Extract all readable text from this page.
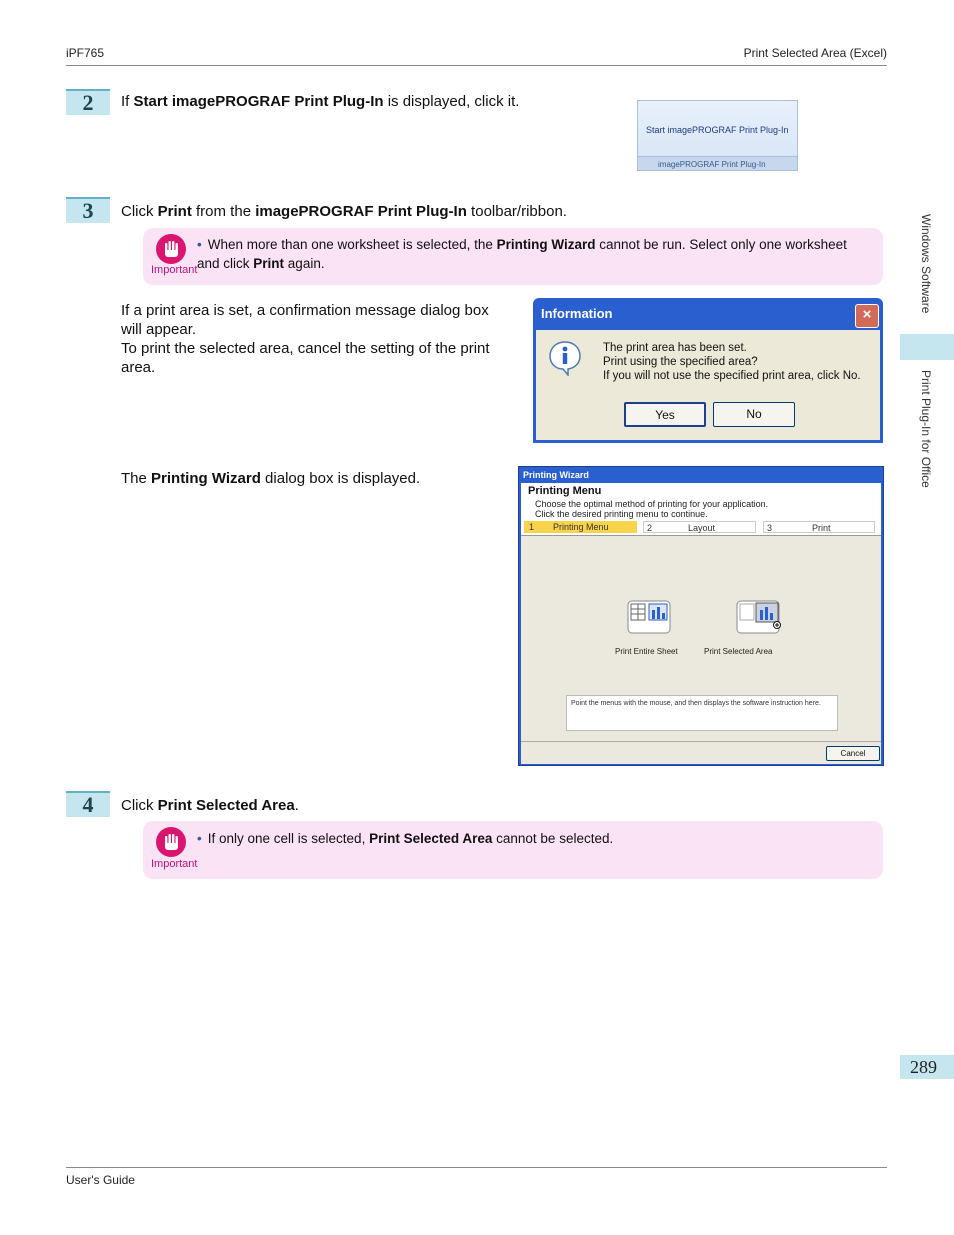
iPF765	Print Selected Area (Excel)
2	If Start imagePROGRAF Print Plug-In is displayed, click it.
Start imagePROGRAF Print Plug-In
imagePROGRAF Print Plug-In
3	Click Print from the imagePROGRAF Print Plug-In toolbar/ribbon.
Important
• When more than one worksheet is selected, the Printing Wizard cannot be run. Select only one worksheet and click Print again.
If a print area is set, a confirmation message dialog box
will appear.
To print the selected area, cancel the setting of the print
area.
Information	×
The print area has been set.
Print using the specified area?
If you will not use the specified print area, click No.
Yes	No
The Printing Wizard dialog box is displayed.	Printing Wizard
Printing Menu
Choose the optimal method of printing for your application.
Click the desired printing menu to continue.
1 Printing Menu	2	Layout	3	Print
Print Entire Sheet	Print Selected Area
Point the menus with the mouse, and then displays the software instruction here.
Cancel
4	Click Print Selected Area.
Important
• If only one cell is selected, Print Selected Area cannot be selected.
Windows Software
Print Plug-In for Office
289
User's Guide
